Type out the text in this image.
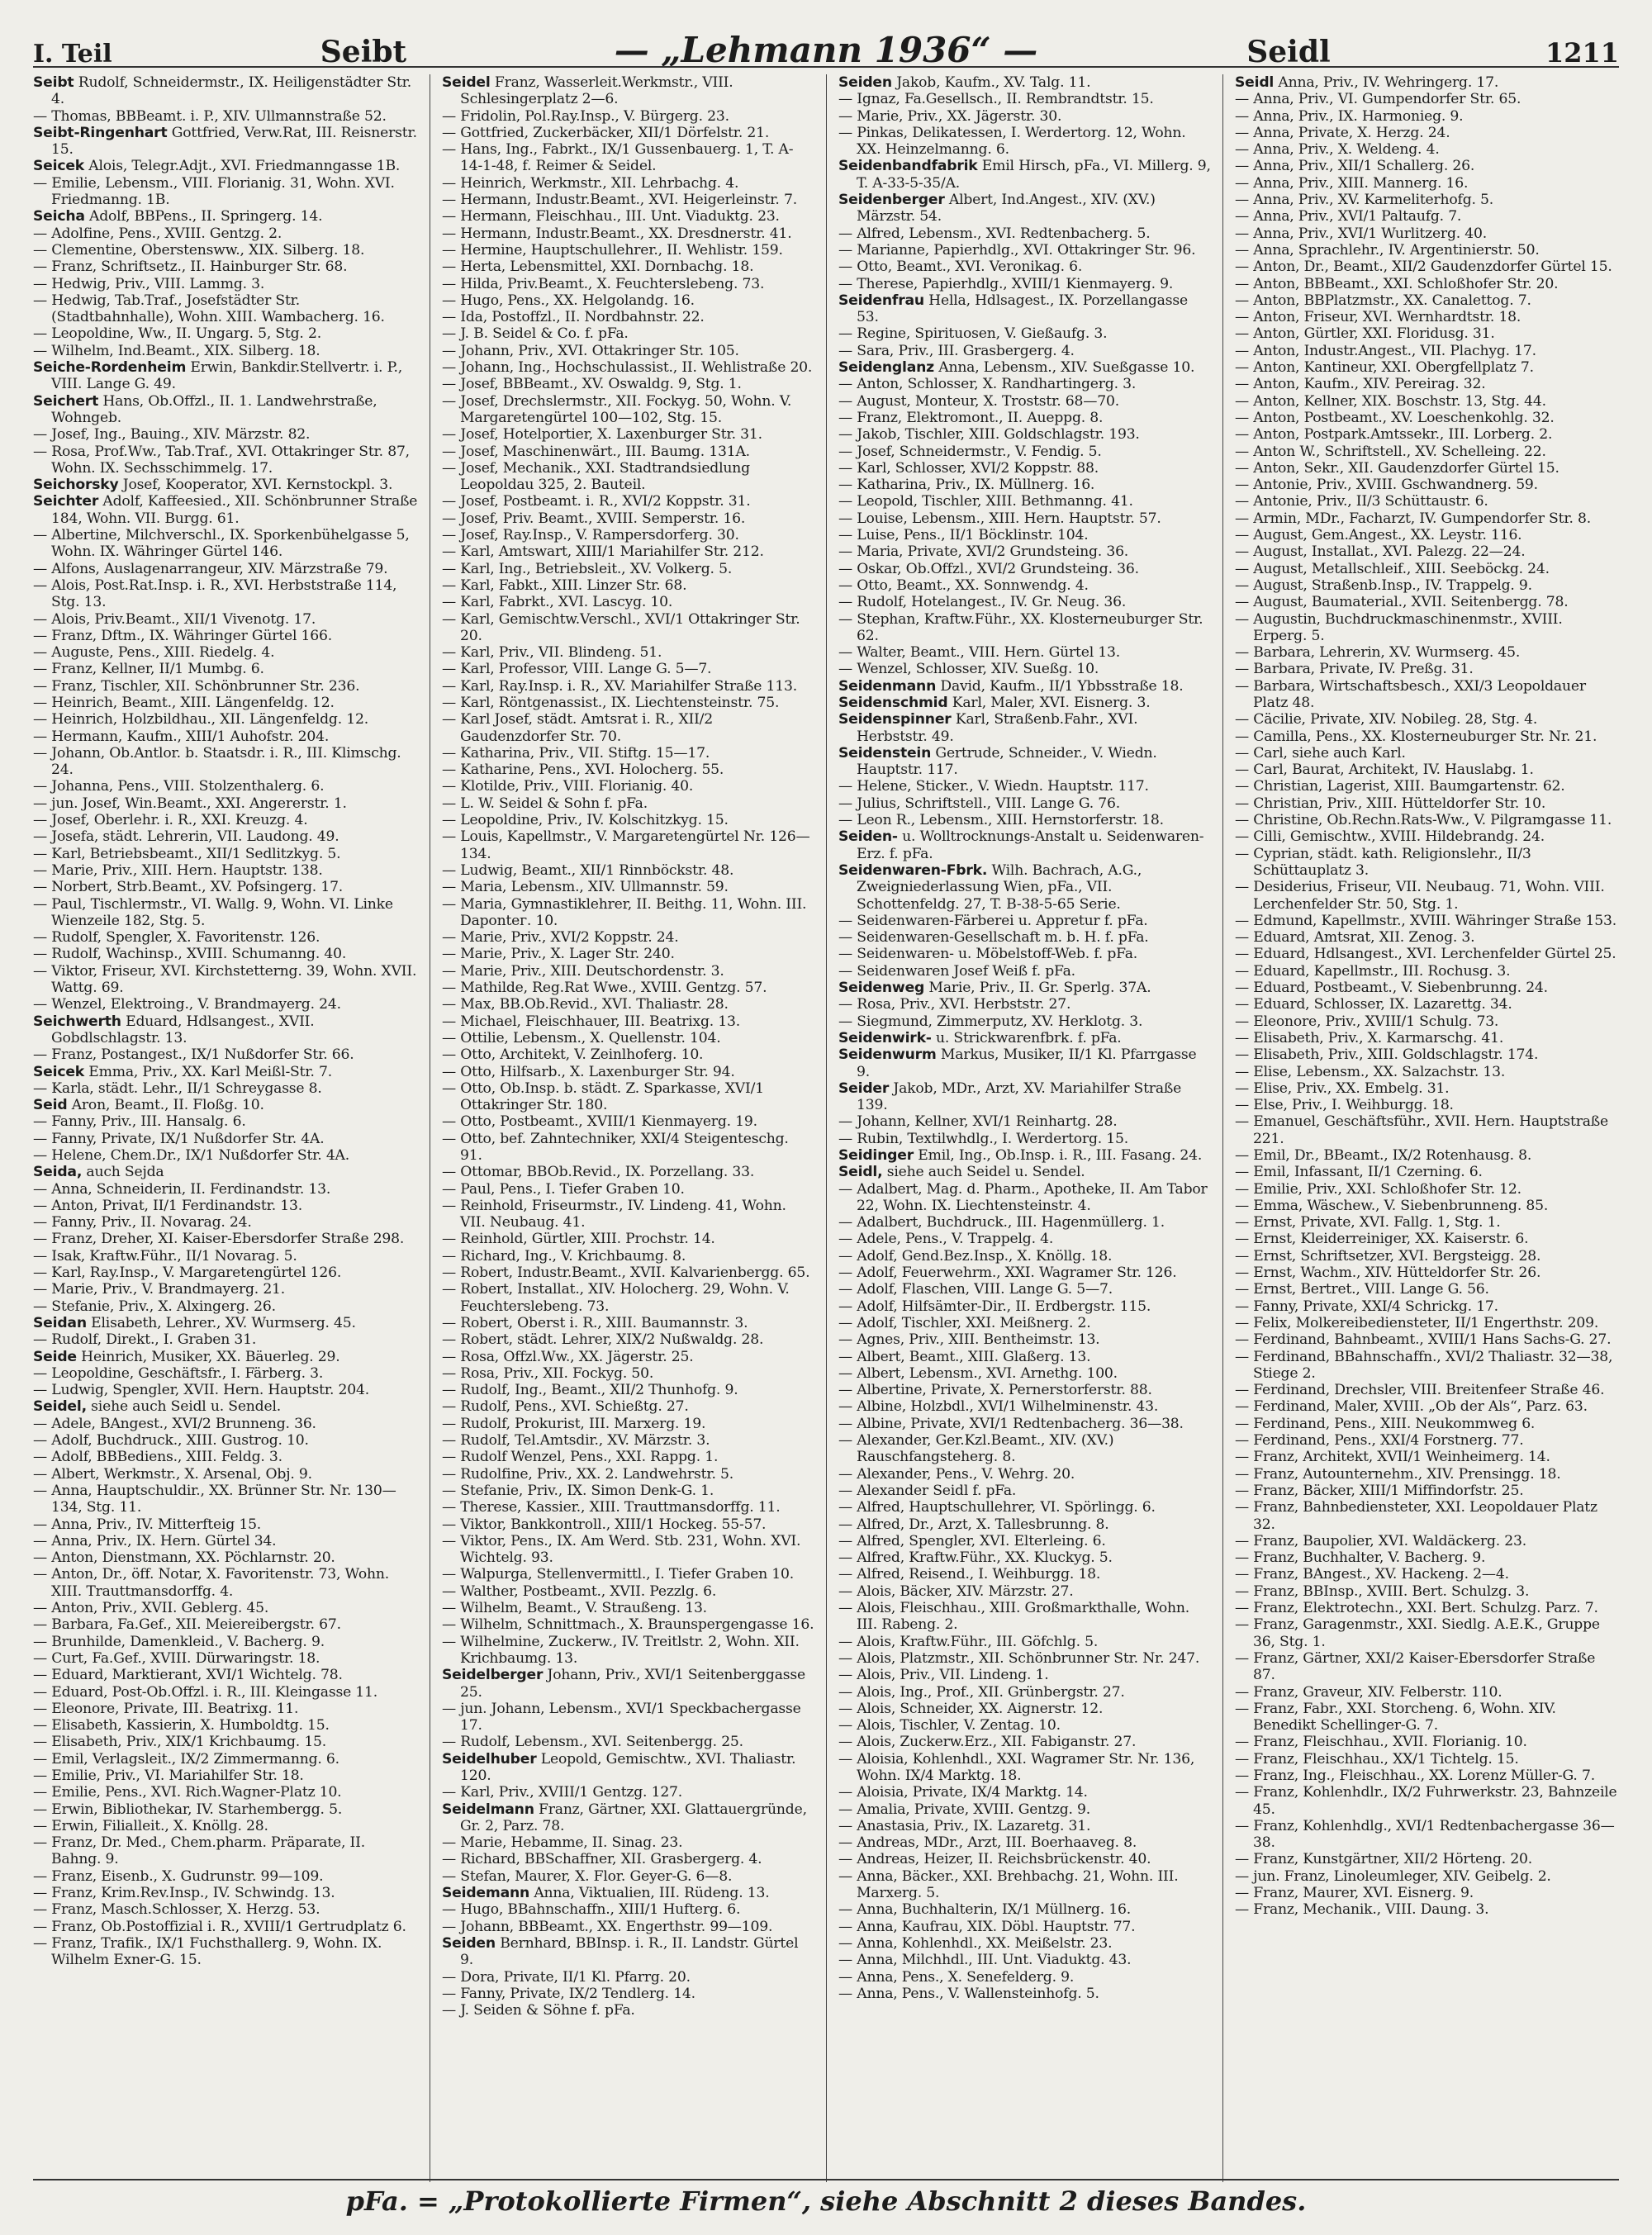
I. Teil	Seibt	— „Lehmann 1936“ —	Seidl	1211

Seibt Rudolf, Schneidermstr., IX. Heiligenstädter Str. 4.

— Thomas, BBBeamt. i. P., XIV. Ullmannstraße 52.

Seibt-Ringenhart Gottfried, Verw.Rat, III. Reisnerstr. 15.

Seicek Alois, Telegr.Adjt., XVI. Friedmanngasse 1B.

— Emilie, Lebensm., VIII. Florianig. 31, Wohn. XVI. Friedmanng. 1B.

Seicha Adolf, BBPens., II. Springerg. 14.

— Adolfine, Pens., XVIII. Gentzg. 2.

— Clementine, Oberstensww., XIX. Silberg. 18.

— Franz, Schriftsetz., II. Hainburger Str. 68.

— Hedwig, Priv., VIII. Lammg. 3.

— Hedwig, Tab.Traf., Josefstädter Str. (Stadtbahnhalle), Wohn. XIII. Wambacherg. 16.

— Leopoldine, Ww., II. Ungarg. 5, Stg. 2.

— Wilhelm, Ind.Beamt., XIX. Silberg. 18.

Seiche-Rordenheim Erwin, Bankdir.Stellvertr. i. P., VIII. Lange G. 49.

Seichert Hans, Ob.Offzl., II. 1. Landwehrstraße, Wohngeb.

— Josef, Ing., Bauing., XIV. Märzstr. 82.

— Rosa, Prof.Ww., Tab.Traf., XVI. Ottakringer Str. 87, Wohn. IX. Sechsschimmelg. 17.

Seichorsky Josef, Kooperator, XVI. Kernstockpl. 3.

Seichter Adolf, Kaffeesied., XII. Schönbrunner Straße 184, Wohn. VII. Burgg. 61.

— Albertine, Milchverschl., IX. Sporkenbühelgasse 5, Wohn. IX. Währinger Gürtel 146.

— Alfons, Auslagenarrangeur, XIV. Märzstraße 79.

— Alois, Post.Rat.Insp. i. R., XVI. Herbststraße 114, Stg. 13.

— Alois, Priv.Beamt., XII/1 Vivenotg. 17.

— Franz, Dftm., IX. Währinger Gürtel 166.

— Auguste, Pens., XIII. Riedelg. 4.

— Franz, Kellner, II/1 Mumbg. 6.

— Franz, Tischler, XII. Schönbrunner Str. 236.

— Heinrich, Beamt., XIII. Längenfeldg. 12.

— Heinrich, Holzbildhau., XII. Längenfeldg. 12.

— Hermann, Kaufm., XIII/1 Auhofstr. 204.

— Johann, Ob.Antlor. b. Staatsdr. i. R., III. Klimschg. 24.

— Johanna, Pens., VIII. Stolzenthalerg. 6.

— jun. Josef, Win.Beamt., XXI. Angererstr. 1.

— Josef, Oberlehr. i. R., XXI. Kreuzg. 4.

— Josefa, städt. Lehrerin, VII. Laudong. 49.

— Karl, Betriebsbeamt., XII/1 Sedlitzkyg. 5.

— Marie, Priv., XIII. Hern. Hauptstr. 138.

— Norbert, Strb.Beamt., XV. Pofsingerg. 17.

— Paul, Tischlermstr., VI. Wallg. 9, Wohn. VI. Linke Wienzeile 182, Stg. 5.

— Rudolf, Spengler, X. Favoritenstr. 126.

— Rudolf, Wachinsp., XVIII. Schumanng. 40.

— Viktor, Friseur, XVI. Kirchstetterng. 39, Wohn. XVII. Wattg. 69.

— Wenzel, Elektroing., V. Brandmayerg. 24.

Seichwerth Eduard, Hdlsangest., XVII. Gobdlschlagstr. 13.

— Franz, Postangest., IX/1 Nußdorfer Str. 66.

Seicek Emma, Priv., XX. Karl Meißl-Str. 7.

— Karla, städt. Lehr., II/1 Schreygasse 8.

Seid Aron, Beamt., II. Floßg. 10.

— Fanny, Priv., III. Hansalg. 6.

— Fanny, Private, IX/1 Nußdorfer Str. 4A.

— Helene, Chem.Dr., IX/1 Nußdorfer Str. 4A.

Seida, auch Sejda

— Anna, Schneiderin, II. Ferdinandstr. 13.

— Anton, Privat, II/1 Ferdinandstr. 13.

— Fanny, Priv., II. Novarag. 24.

— Franz, Dreher, XI. Kaiser-Ebersdorfer Straße 298.

— Isak, Kraftw.Führ., II/1 Novarag. 5.

— Karl, Ray.Insp., V. Margaretengürtel 126.

— Marie, Priv., V. Brandmayerg. 21.

— Stefanie, Priv., X. Alxingerg. 26.

Seidan Elisabeth, Lehrer., XV. Wurmserg. 45.

— Rudolf, Direkt., I. Graben 31.

Seide Heinrich, Musiker, XX. Bäuerleg. 29.

— Leopoldine, Geschäftsfr., I. Färberg. 3.

— Ludwig, Spengler, XVII. Hern. Hauptstr. 204.

Seidel, siehe auch Seidl u. Sendel.

— Adele, BAngest., XVI/2 Brunneng. 36.

— Adolf, Buchdruck., XIII. Gustrog. 10.

— Adolf, BBBediens., XIII. Feldg. 3.

— Albert, Werkmstr., X. Arsenal, Obj. 9.

— Anna, Hauptschuldir., XX. Brünner Str. Nr. 130—134, Stg. 11.

— Anna, Priv., IV. Mitterfteig 15.

— Anna, Priv., IX. Hern. Gürtel 34.

— Anton, Dienstmann, XX. Pöchlarnstr. 20.

— Anton, Dr., öff. Notar, X. Favoritenstr. 73, Wohn. XIII. Trauttmansdorffg. 4.

— Anton, Priv., XVII. Geblerg. 45.

— Barbara, Fa.Gef., XII. Meiereibergstr. 67.

— Brunhilde, Damenkleid., V. Bacherg. 9.

— Curt, Fa.Gef., XVIII. Dürwaringstr. 18.

— Eduard, Marktierant, XVI/1 Wichtelg. 78.

— Eduard, Post-Ob.Offzl. i. R., III. Kleingasse 11.

— Eleonore, Private, III. Beatrixg. 11.

— Elisabeth, Kassierin, X. Humboldtg. 15.

— Elisabeth, Priv., XIX/1 Krichbaumg. 15.

— Emil, Verlagsleit., IX/2 Zimmermanng. 6.

— Emilie, Priv., VI. Mariahilfer Str. 18.

— Emilie, Pens., XVI. Rich.Wagner-Platz 10.

— Erwin, Bibliothekar, IV. Starhembergg. 5.

— Erwin, Filialleit., X. Knöllg. 28.

— Franz, Dr. Med., Chem.pharm. Präparate, II. Bahng. 9.

— Franz, Eisenb., X. Gudrunstr. 99—109.

— Franz, Krim.Rev.Insp., IV. Schwindg. 13.

— Franz, Masch.Schlosser, X. Herzg. 53.

— Franz, Ob.Postoffizial i. R., XVIII/1 Gertrudplatz 6.

— Franz, Trafik., IX/1 Fuchsthallerg. 9, Wohn. IX. Wilhelm Exner-G. 15.

Seidel Franz, Wasserleit.Werkmstr., VIII. Schlesingerplatz 2—6.

— Fridolin, Pol.Ray.Insp., V. Bürgerg. 23.

— Gottfried, Zuckerbäcker, XII/1 Dörfelstr. 21.

— Hans, Ing., Fabrkt., IX/1 Gussenbauerg. 1, T. A-14-1-48, f. Reimer & Seidel.

— Heinrich, Werkmstr., XII. Lehrbachg. 4.

— Hermann, Industr.Beamt., XVI. Heigerleinstr. 7.

— Hermann, Fleischhau., III. Unt. Viaduktg. 23.

— Hermann, Industr.Beamt., XX. Dresdnerstr. 41.

— Hermine, Hauptschullehrer., II. Wehlistr. 159.

— Herta, Lebensmittel, XXI. Dornbachg. 18.

— Hilda, Priv.Beamt., X. Feuchterslebeng. 73.

— Hugo, Pens., XX. Helgolandg. 16.

— Ida, Postoffzl., II. Nordbahnstr. 22.

— J. B. Seidel & Co. f. pFa.

— Johann, Priv., XVI. Ottakringer Str. 105.

— Johann, Ing., Hochschulassist., II. Wehlistraße 20.

— Josef, BBBeamt., XV. Oswaldg. 9, Stg. 1.

— Josef, Drechslermstr., XII. Fockyg. 50, Wohn. V. Margaretengürtel 100—102, Stg. 15.

— Josef, Hotelportier, X. Laxenburger Str. 31.

— Josef, Maschinenwärt., III. Baumg. 131A.

— Josef, Mechanik., XXI. Stadtrandsiedlung Leopoldau 325, 2. Bauteil.

— Josef, Postbeamt. i. R., XVI/2 Koppstr. 31.

— Josef, Priv. Beamt., XVIII. Semperstr. 16.

— Josef, Ray.Insp., V. Rampersdorferg. 30.

— Karl, Amtswart, XIII/1 Mariahilfer Str. 212.

— Karl, Ing., Betriebsleit., XV. Volkerg. 5.

— Karl, Fabkt., XIII. Linzer Str. 68.

— Karl, Fabrkt., XVI. Lascyg. 10.

— Karl, Gemischtw.Verschl., XVI/1 Ottakringer Str. 20.

— Karl, Priv., VII. Blindeng. 51.

— Karl, Professor, VIII. Lange G. 5—7.

— Karl, Ray.Insp. i. R., XV. Mariahilfer Straße 113.

— Karl, Röntgenassist., IX. Liechtensteinstr. 75.

— Karl Josef, städt. Amtsrat i. R., XII/2 Gaudenzdorfer Str. 70.

— Katharina, Priv., VII. Stiftg. 15—17.

— Katharine, Pens., XVI. Holocherg. 55.

— Klotilde, Priv., VIII. Florianig. 40.

— L. W. Seidel & Sohn f. pFa.

— Leopoldine, Priv., IV. Kolschitzkyg. 15.

— Louis, Kapellmstr., V. Margaretengürtel Nr. 126—134.

— Ludwig, Beamt., XII/1 Rinnböckstr. 48.

— Maria, Lebensm., XIV. Ullmannstr. 59.

— Maria, Gymnastiklehrer, II. Beithg. 11, Wohn. III. Dapontег. 10.

— Marie, Priv., XVI/2 Koppstr. 24.

— Marie, Priv., X. Lager Str. 240.

— Marie, Priv., XIII. Deutschordenstr. 3.

— Mathilde, Reg.Rat Wwe., XVIII. Gentzg. 57.

— Max, BB.Ob.Revid., XVI. Thaliastr. 28.

— Michael, Fleischhauer, III. Beatrixg. 13.

— Ottilie, Lebensm., X. Quellenstr. 104.

— Otto, Architekt, V. Zeinlhoferg. 10.

— Otto, Hilfsarb., X. Laxenburger Str. 94.

— Otto, Ob.Insp. b. städt. Z. Sparkasse, XVI/1 Ottakringer Str. 180.

— Otto, Postbeamt., XVIII/1 Kienmayerg. 19.

— Otto, bef. Zahntechniker, XXI/4 Steigenteschg. 91.

— Ottomar, BBOb.Revid., IX. Porzellang. 33.

— Paul, Pens., I. Tiefer Graben 10.

— Reinhold, Friseurmstr., IV. Lindeng. 41, Wohn. VII. Neubaug. 41.

— Reinhold, Gürtler, XIII. Prochstr. 14.

— Richard, Ing., V. Krichbaumg. 8.

— Robert, Industr.Beamt., XVII. Kalvarienbergg. 65.

— Robert, Installat., XIV. Holocherg. 29, Wohn. V. Feuchterslebeng. 73.

— Robert, Oberst i. R., XIII. Baumannstr. 3.

— Robert, städt. Lehrer, XIX/2 Nußwaldg. 28.

— Rosa, Offzl.Ww., XX. Jägerstr. 25.

— Rosa, Priv., XII. Fockyg. 50.

— Rudolf, Ing., Beamt., XII/2 Thunhofg. 9.

— Rudolf, Pens., XVI. Schießtg. 27.

— Rudolf, Prokurist, III. Marxerg. 19.

— Rudolf, Tel.Amtsdir., XV. Märzstr. 3.

— Rudolf Wenzel, Pens., XXI. Rappg. 1.

— Rudolfine, Priv., XX. 2. Landwehrstr. 5.

— Stefanie, Priv., IX. Simon Denk-G. 1.

— Therese, Kassier., XIII. Trauttmansdorffg. 11.

— Viktor, Bankkontroll., XIII/1 Hockeg. 55-57.

— Viktor, Pens., IX. Am Werd. Stb. 231, Wohn. XVI. Wichtelg. 93.

— Walpurga, Stellenvermittl., I. Tiefer Graben 10.

— Walther, Postbeamt., XVII. Pezzlg. 6.

— Wilhelm, Beamt., V. Straußeng. 13.

— Wilhelm, Schnittmach., X. Braunspergengasse 16.

— Wilhelmine, Zuckerw., IV. Treitlstr. 2, Wohn. XII. Krichbaumg. 13.

Seidelberger Johann, Priv., XVI/1 Seitenberggasse 25.

— jun. Johann, Lebensm., XVI/1 Speckbachergasse 17.

— Rudolf, Lebensm., XVI. Seitenbergg. 25.

Seidelhuber Leopold, Gemischtw., XVI. Thaliastr. 120.

— Karl, Priv., XVIII/1 Gentzg. 127.

Seidelmann Franz, Gärtner, XXI. Glattauergründe, Gr. 2, Parz. 78.

— Marie, Hebamme, II. Sinag. 23.

— Richard, BBSchaffner, XII. Grasbergerg. 4.

— Stefan, Maurer, X. Flor. Geyer-G. 6—8.

Seidemann Anna, Viktualien, III. Rüdeng. 13.

— Hugo, BBahnschaffn., XIII/1 Hufterg. 6.

— Johann, BBBeamt., XX. Engerthstr. 99—109.

Seiden Bernhard, BBInsp. i. R., II. Landstr. Gürtel 9.

— Dora, Private, II/1 Kl. Pfarrg. 20.

— Fanny, Private, IX/2 Tendlerg. 14.

— J. Seiden & Söhne f. pFa.

Seiden Jakob, Kaufm., XV. Talg. 11.

— Ignaz, Fa.Gesellsch., II. Rembrandtstr. 15.

— Marie, Priv., XX. Jägerstr. 30.

— Pinkas, Delikatessen, I. Werdertorg. 12, Wohn. XX. Heinzelmanng. 6.

Seidenbandfabrik Emil Hirsch, pFa., VI. Millerg. 9, T. A-33-5-35/A.

Seidenberger Albert, Ind.Angest., XIV. (XV.) Märzstr. 54.

— Alfred, Lebensm., XVI. Redtenbacherg. 5.

— Marianne, Papierhdlg., XVI. Ottakringer Str. 96.

— Otto, Beamt., XVI. Veronikag. 6.

— Therese, Papierhdlg., XVIII/1 Kienmayerg. 9.

Seidenfrau Hella, Hdlsagest., IX. Porzellangasse 53.

— Regine, Spirituosen, V. Gießaufg. 3.

— Sara, Priv., III. Grasbergerg. 4.

Seidenglanz Anna, Lebensm., XIV. Sueßgasse 10.

— Anton, Schlosser, X. Randhartingerg. 3.

— August, Monteur, X. Troststr. 68—70.

— Franz, Elektromont., II. Aueppg. 8.

— Jakob, Tischler, XIII. Goldschlagstr. 193.

— Josef, Schneidermstr., V. Fendig. 5.

— Karl, Schlosser, XVI/2 Koppstr. 88.

— Katharina, Priv., IX. Müllnerg. 16.

— Leopold, Tischler, XIII. Bethmanng. 41.

— Louise, Lebensm., XIII. Hern. Hauptstr. 57.

— Luise, Pens., II/1 Böcklinstr. 104.

— Maria, Private, XVI/2 Grundsteing. 36.

— Oskar, Ob.Offzl., XVI/2 Grundsteing. 36.

— Otto, Beamt., XX. Sonnwendg. 4.

— Rudolf, Hotelangest., IV. Gr. Neug. 36.

— Stephan, Kraftw.Führ., XX. Klosterneuburger Str. 62.

— Walter, Beamt., VIII. Hern. Gürtel 13.

— Wenzel, Schlosser, XIV. Sueßg. 10.

Seidenmann David, Kaufm., II/1 Ybbsstraße 18.

Seidenschmid Karl, Maler, XVI. Eisnerg. 3.

Seidenspinner Karl, Straßenb.Fahr., XVI. Herbststr. 49.

Seidenstein Gertrude, Schneider., V. Wiedn. Hauptstr. 117.

— Helene, Sticker., V. Wiedn. Hauptstr. 117.

— Julius, Schriftstell., VIII. Lange G. 76.

— Leon R., Lebensm., XIII. Hernstorferstr. 18.

Seiden- u. Wolltrocknungs-Anstalt u. Seidenwaren-Erz. f. pFa.

Seidenwaren-Fbrk. Wilh. Bachrach, A.G., Zweigniederlassung Wien, pFa., VII. Schottenfeldg. 27, T. B-38-5-65 Serie.

— Seidenwaren-Färberei u. Appretur f. pFa.

— Seidenwaren-Gesellschaft m. b. H. f. pFa.

— Seidenwaren- u. Möbelstoff-Web. f. pFa.

— Seidenwaren Josef Weiß f. pFa.

Seidenweg Marie, Priv., II. Gr. Sperlg. 37A.

— Rosa, Priv., XVI. Herbststr. 27.

— Siegmund, Zimmerputz, XV. Herklotg. 3.

Seidenwirk- u. Strickwarenfbrk. f. pFa.

Seidenwurm Markus, Musiker, II/1 Kl. Pfarrgasse 9.

Seider Jakob, MDr., Arzt, XV. Mariahilfer Straße 139.

— Johann, Kellner, XVI/1 Reinhartg. 28.

— Rubin, Textilwhdlg., I. Werdertorg. 15.

Seidinger Emil, Ing., Ob.Insp. i. R., III. Fasang. 24.

Seidl, siehe auch Seidel u. Sendel.

— Adalbert, Mag. d. Pharm., Apotheke, II. Am Tabor 22, Wohn. IX. Liechtensteinstr. 4.

— Adalbert, Buchdruck., III. Hagenmüllerg. 1.

— Adele, Pens., V. Trappelg. 4.

— Adolf, Gend.Bez.Insp., X. Knöllg. 18.

— Adolf, Feuerwehrm., XXI. Wagramer Str. 126.

— Adolf, Flaschen, VIII. Lange G. 5—7.

— Adolf, Hilfsämter-Dir., II. Erdbergstr. 115.

— Adolf, Tischler, XXI. Meißnerg. 2.

— Agnes, Priv., XIII. Bentheimstr. 13.

— Albert, Beamt., XIII. Glaßerg. 13.

— Albert, Lebensm., XVI. Arnethg. 100.

— Albertine, Private, X. Pernerstorferstr. 88.

— Albine, Holzbdl., XVI/1 Wilhelminenstr. 43.

— Albine, Private, XVI/1 Redtenbacherg. 36—38.

— Alexander, Ger.Kzl.Beamt., XIV. (XV.) Rauschfangsteherg. 8.

— Alexander, Pens., V. Wehrg. 20.

— Alexander Seidl f. pFa.

— Alfred, Hauptschullehrer, VI. Spörlingg. 6.

— Alfred, Dr., Arzt, X. Tallesbrunng. 8.

— Alfred, Spengler, XVI. Elterleing. 6.

— Alfred, Kraftw.Führ., XX. Kluckyg. 5.

— Alfred, Reisend., I. Weihburgg. 18.

— Alois, Bäcker, XIV. Märzstr. 27.

— Alois, Fleischhau., XIII. Großmarkthalle, Wohn. III. Rabeng. 2.

— Alois, Kraftw.Führ., III. Göfchlg. 5.

— Alois, Platzmstr., XII. Schönbrunner Str. Nr. 247.

— Alois, Priv., VII. Lindeng. 1.

— Alois, Ing., Prof., XII. Grünbergstr. 27.

— Alois, Schneider, XX. Aignerstr. 12.

— Alois, Tischler, V. Zentag. 10.

— Alois, Zuckerw.Erz., XII. Fabiganstr. 27.

— Aloisia, Kohlenhdl., XXI. Wagramer Str. Nr. 136, Wohn. IX/4 Marktg. 18.

— Aloisia, Private, IX/4 Marktg. 14.

— Amalia, Private, XVIII. Gentzg. 9.

— Anastasia, Priv., IX. Lazaretg. 31.

— Andreas, MDr., Arzt, III. Boerhaaveg. 8.

— Andreas, Heizer, II. Reichsbrückenstr. 40.

— Anna, Bäcker., XXI. Brehbachg. 21, Wohn. III. Marxerg. 5.

— Anna, Buchhalterin, IX/1 Müllnerg. 16.

— Anna, Kaufrau, XIX. Döbl. Hauptstr. 77.

— Anna, Kohlenhdl., XX. Meißelstr. 23.

— Anna, Milchhdl., III. Unt. Viaduktg. 43.

— Anna, Pens., X. Senefelderg. 9.

— Anna, Pens., V. Wallensteinhofg. 5.

Seidl Anna, Priv., IV. Wehringerg. 17.

— Anna, Priv., VI. Gumpendorfer Str. 65.

— Anna, Priv., IX. Harmonieg. 9.

— Anna, Private, X. Herzg. 24.

— Anna, Priv., X. Weldeng. 4.

— Anna, Priv., XII/1 Schallerg. 26.

— Anna, Priv., XIII. Mannerg. 16.

— Anna, Priv., XV. Karmeliterhofg. 5.

— Anna, Priv., XVI/1 Paltaufg. 7.

— Anna, Priv., XVI/1 Wurlitzerg. 40.

— Anna, Sprachlehr., IV. Argentinierstr. 50.

— Anton, Dr., Beamt., XII/2 Gaudenzdorfer Gürtel 15.

— Anton, BBBeamt., XXI. Schloßhofer Str. 20.

— Anton, BBPlatzmstr., XX. Canalettog. 7.

— Anton, Friseur, XVI. Wernhardtstr. 18.

— Anton, Gürtler, XXI. Floridusg. 31.

— Anton, Industr.Angest., VII. Plachyg. 17.

— Anton, Kantineur, XXI. Obergfellplatz 7.

— Anton, Kaufm., XIV. Pereirag. 32.

— Anton, Kellner, XIX. Boschstr. 13, Stg. 44.

— Anton, Postbeamt., XV. Loeschenkohlg. 32.

— Anton, Postpark.Amtssekr., III. Lorberg. 2.

— Anton W., Schriftstell., XV. Schelleing. 22.

— Anton, Sekr., XII. Gaudenzdorfer Gürtel 15.

— Antonie, Priv., XVIII. Gschwandnerg. 59.

— Antonie, Priv., II/3 Schüttaustr. 6.

— Armin, MDr., Facharzt, IV. Gumpendorfer Str. 8.

— August, Gem.Angest., XX. Leystr. 116.

— August, Installat., XVI. Palezg. 22—24.

— August, Metallschleif., XIII. Seeböckg. 24.

— August, Straßenb.Insp., IV. Trappelg. 9.

— August, Baumaterial., XVII. Seitenbergg. 78.

— Augustin, Buchdruckmaschinenmstr., XVIII. Erperg. 5.

— Barbara, Lehrerin, XV. Wurmserg. 45.

— Barbara, Private, IV. Preßg. 31.

— Barbara, Wirtschaftsbesch., XXI/3 Leopoldauer Platz 48.

— Cäcilie, Private, XIV. Nobileg. 28, Stg. 4.

— Camilla, Pens., XX. Klosterneuburger Str. Nr. 21.

— Carl, siehe auch Karl.

— Carl, Baurat, Architekt, IV. Hauslabg. 1.

— Christian, Lagerist, XIII. Baumgartenstr. 62.

— Christian, Priv., XIII. Hütteldorfer Str. 10.

— Christine, Ob.Rechn.Rats-Ww., V. Pilgramgasse 11.

— Cilli, Gemischtw., XVIII. Hildebrandg. 24.

— Cyprian, städt. kath. Religionslehr., II/3 Schüttauplatz 3.

— Desiderius, Friseur, VII. Neubaug. 71, Wohn. VIII. Lerchenfelder Str. 50, Stg. 1.

— Edmund, Kapellmstr., XVIII. Währinger Straße 153.

— Eduard, Amtsrat, XII. Zenog. 3.

— Eduard, Hdlsangest., XVI. Lerchenfelder Gürtel 25.

— Eduard, Kapellmstr., III. Rochusg. 3.

— Eduard, Postbeamt., V. Siebenbrunng. 24.

— Eduard, Schlosser, IX. Lazarettg. 34.

— Eleonore, Priv., XVIII/1 Schulg. 73.

— Elisabeth, Priv., X. Karmarschg. 41.

— Elisabeth, Priv., XIII. Goldschlagstr. 174.

— Elise, Lebensm., XX. Salzachstr. 13.

— Elise, Priv., XX. Embelg. 31.

— Else, Priv., I. Weihburgg. 18.

— Emanuel, Geschäftsführ., XVII. Hern. Hauptstraße 221.

— Emil, Dr., BBeamt., IX/2 Rotenhausg. 8.

— Emil, Infassant, II/1 Czerning. 6.

— Emilie, Priv., XXI. Schloßhofer Str. 12.

— Emma, Wäschew., V. Siebenbrunneng. 85.

— Ernst, Private, XVI. Fallg. 1, Stg. 1.

— Ernst, Kleiderreiniger, XX. Kaiserstr. 6.

— Ernst, Schriftsetzer, XVI. Bergsteigg. 28.

— Ernst, Wachm., XIV. Hütteldorfer Str. 26.

— Ernst, Bertret., VIII. Lange G. 56.

— Fanny, Private, XXI/4 Schrickg. 17.

— Felix, Molkereibediensteter, II/1 Engerthstr. 209.

— Ferdinand, Bahnbeamt., XVIII/1 Hans Sachs-G. 27.

— Ferdinand, BBahnschaffn., XVI/2 Thaliastr. 32—38, Stiege 2.

— Ferdinand, Drechsler, VIII. Breitenfeer Straße 46.

— Ferdinand, Maler, XVIII. „Ob der Als“, Parz. 63.

— Ferdinand, Pens., XIII. Neukommweg 6.

— Ferdinand, Pens., XXI/4 Forstnerg. 77.

— Franz, Architekt, XVII/1 Weinheimerg. 14.

— Franz, Autounternehm., XIV. Prensingg. 18.

— Franz, Bäcker, XIII/1 Miffindorfstr. 25.

— Franz, Bahnbediensteter, XXI. Leopoldauer Platz 32.

— Franz, Baupolier, XVI. Waldäckerg. 23.

— Franz, Buchhalter, V. Bacherg. 9.

— Franz, BAngest., XV. Hackeng. 2—4.

— Franz, BBInsp., XVIII. Bert. Schulzg. 3.

— Franz, Elektrotechn., XXI. Bert. Schulzg. Parz. 7.

— Franz, Garagenmstr., XXI. Siedlg. A.E.K., Gruppe 36, Stg. 1.

— Franz, Gärtner, XXI/2 Kaiser-Ebersdorfer Straße 87.

— Franz, Graveur, XIV. Felberstr. 110.

— Franz, Fabr., XXI. Storcheng. 6, Wohn. XIV. Benedikt Schellinger-G. 7.

— Franz, Fleischhau., XVII. Florianig. 10.

— Franz, Fleischhau., XX/1 Tichtelg. 15.

— Franz, Ing., Fleischhau., XX. Lorenz Müller-G. 7.

— Franz, Kohlenhdlr., IX/2 Fuhrwerkstr. 23, Bahnzeile 45.

— Franz, Kohlenhdlg., XVI/1 Redtenbachergasse 36—38.

— Franz, Kunstgärtner, XII/2 Hörteng. 20.

— jun. Franz, Linoleumleger, XIV. Geibelg. 2.

— Franz, Maurer, XVI. Eisnerg. 9.

— Franz, Mechanik., VIII. Daung. 3.

pFa. = „Protokollierte Firmen“, siehe Abschnitt 2 dieses Bandes.
